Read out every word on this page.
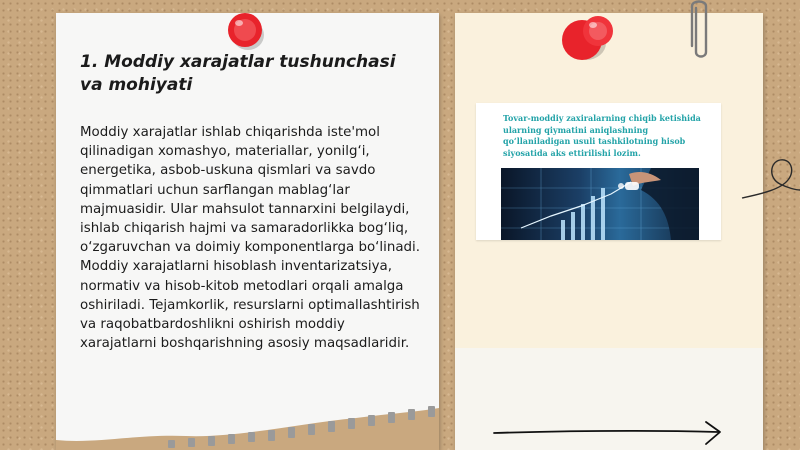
1. Moddiy xarajatlar tushunchasi va mohiyati

Moddiy xarajatlar ishlab chiqarishda iste'mol qilinadigan xomashyo, materiallar, yonilg‘i, energetika, asbob-uskuna qismlari va savdo qimmatlari uchun sarflangan mablag‘lar majmuasidir. Ular mahsulot tannarxini belgilaydi, ishlab chiqarish hajmi va samaradorlikka bog‘liq, o‘zgaruvchan va doimiy komponentlarga bo‘linadi. Moddiy xarajatlarni hisoblash inventarizatsiya, normativ va hisob-kitob metodlari orqali amalga oshiriladi. Tejamkorlik, resurslarni optimallashtirish va raqobatbardoshlikni oshirish moddiy xarajatlarni boshqarishning asosiy maqsadlaridir.

Tovar-moddiy zaxiralarning chiqib ketishida ularning qiymatini aniqlashning qo‘llaniladigan usuli tashkilotning hisob siyosatida aks ettirilishi lozim.
